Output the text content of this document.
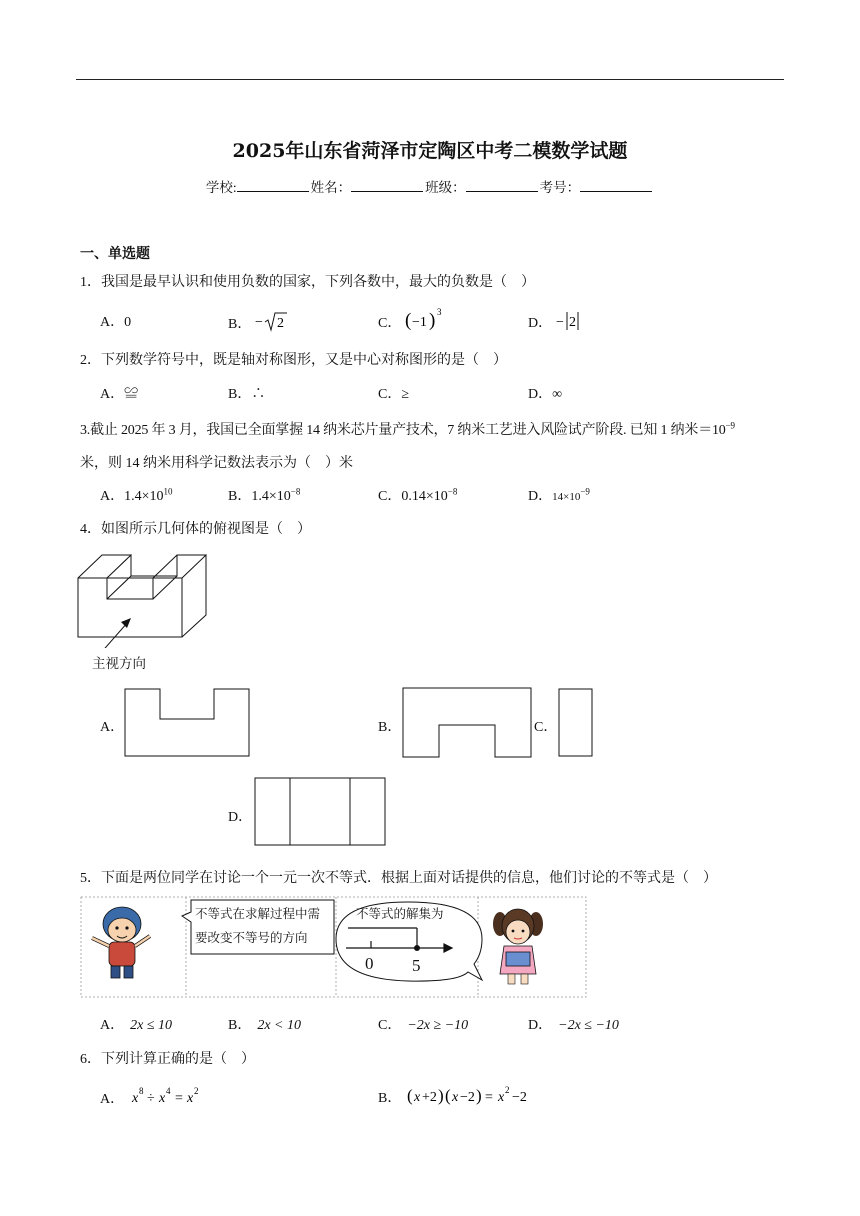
2025年山东省菏泽市定陶区中考二模数学试题
学校:	姓名：	班级：	考号：
一、单选题
1．我国是最早认识和使用负数的国家，下列各数中，最大的负数是（　）
A．0	B． − 2	C． ( −1 ) 3
D． − 2
2．下列数学符号中，既是轴对称图形，又是中心对称图形的是（　）
A．≌	B．∴	C．≥	D．∞
3.截止 2025 年 3 月，我国已全面掌握 14 纳米芯片量产技术，7 纳米工艺进入风险试产阶段. 已知 1 纳米$=10^{-9}$
米，则 14 纳米用科学记数法表示为（　）米
A．$1.4\times 10^{10}$	B．$1.4\times 10^{-8}$	C．$0.14\times 10^{-8}$	D．$14\times 10^{-9}$
4．如图所示几何体的俯视图是（　）
主视方向
A．	B．	C．
D．
5．下面是两位同学在讨论一个一元一次不等式．根据上面对话提供的信息，他们讨论的不等式是（　）
不等式在求解过程中需
要改变不等号的方向
不等式的解集为
0 5
A． 2x ≤ 10	B． 2x < 10	C． −2x ≥ −10	D． −2x ≤ −10
6．下列计算正确的是（　）
A． x 8 ÷ x 4 = x 2	B． ( x +2 ) ( x −2 ) = x 2 −2
